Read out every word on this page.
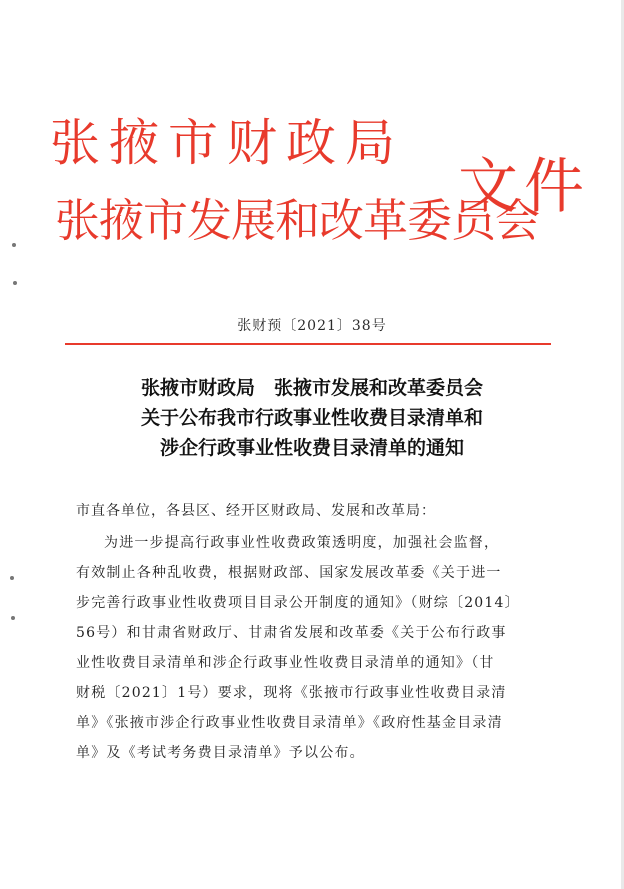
张掖市财政局
张掖市发展和改革委员会
文件
张财预〔2021〕38号
张掖市财政局　张掖市发展和改革委员会
关于公布我市行政事业性收费目录清单和
涉企行政事业性收费目录清单的通知
市直各单位，各县区、经开区财政局、发展和改革局：
为进一步提高行政事业性收费政策透明度，加强社会监督，
有效制止各种乱收费，根据财政部、国家发展改革委《关于进一
步完善行政事业性收费项目目录公开制度的通知》（财综〔2014〕
56号）和甘肃省财政厅、甘肃省发展和改革委《关于公布行政事
业性收费目录清单和涉企行政事业性收费目录清单的通知》（甘
财税〔2021〕1号）要求，现将《张掖市行政事业性收费目录清
单》《张掖市涉企行政事业性收费目录清单》《政府性基金目录清
单》及《考试考务费目录清单》予以公布。
